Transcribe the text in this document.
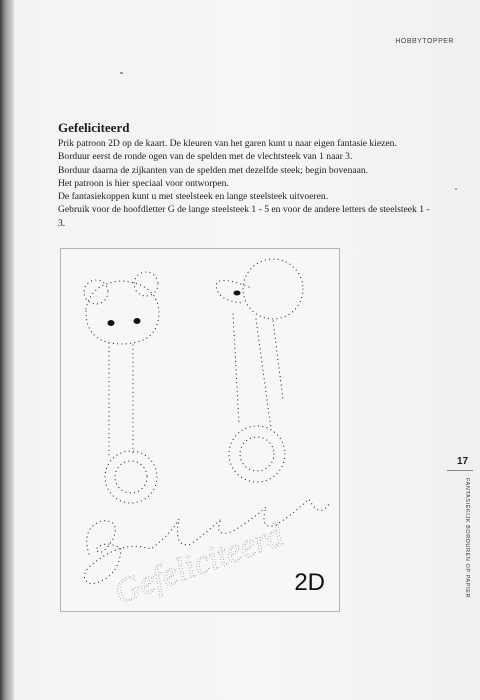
HOBBYTOPPER
Gefeliciteerd

Prik patroon 2D op de kaart. De kleuren van het garen kunt u naar eigen fantasie kiezen.

Borduur eerst de ronde ogen van de spelden met de vlechtsteek van 1 naar 3.

Borduur daarna de zijkanten van de spelden met dezelfde steek; begin bovenaan.

Het patroon is hier speciaal voor ontworpen.

De fantasiekoppen kunt u met steelsteek en lange steelsteek uitvoeren.

Gebruik voor de hoofdletter G de lange steelsteek 1 - 5 en voor de andere letters de steelsteek 1 - 3.

Gefeliciteerd 2D
17
FANTASIEKIJK BORDUREN OP PAPIER
